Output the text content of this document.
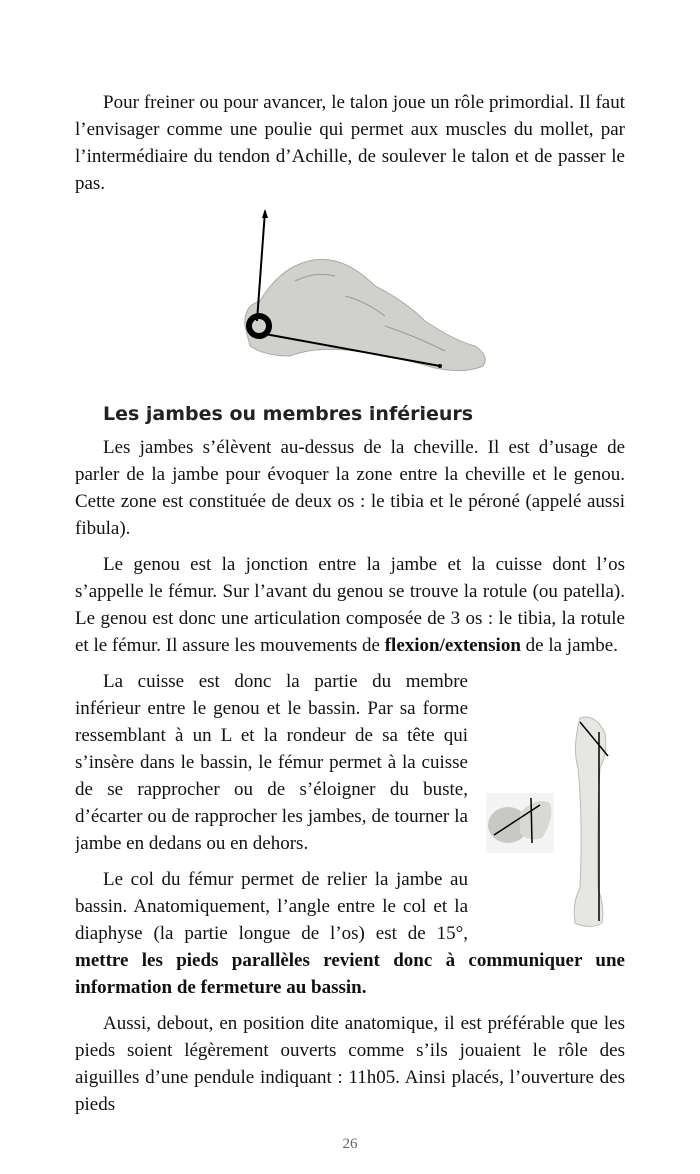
Pour freiner ou pour avancer, le talon joue un rôle primordial. Il faut l’envisager comme une poulie qui permet aux muscles du mollet, par l’intermédiaire du tendon d’Achille, de soulever le talon et de passer le pas.

Les jambes ou membres inférieurs

Les jambes s’élèvent au-dessus de la cheville. Il est d’usage de parler de la jambe pour évoquer la zone entre la cheville et le genou. Cette zone est constituée de deux os : le tibia et le péroné (appelé aussi fibula).

Le genou est la jonction entre la jambe et la cuisse dont l’os s’appelle le fémur. Sur l’avant du genou se trouve la rotule (ou patella). Le genou est donc une articulation composée de 3 os : le tibia, la rotule et le fémur. Il assure les mouvements de flexion/extension de la jambe.

La cuisse est donc la partie du membre inférieur entre le genou et le bassin. Par sa forme ressemblant à un L et la rondeur de sa tête qui s’insère dans le bassin, le fémur permet à la cuisse de se rapprocher ou de s’éloigner du buste, d’écarter ou de rapprocher les jambes, de tourner la jambe en dedans ou en dehors.

Le col du fémur permet de relier la jambe au bassin. Anatomiquement, l’angle entre le col et la diaphyse (la partie longue de l’os) est de 15°, mettre les pieds parallèles revient donc à communiquer une information de fermeture au bassin.

Aussi, debout, en position dite anatomique, il est préférable que les pieds soient légèrement ouverts comme s’ils jouaient le rôle des aiguilles d’une pendule indiquant : 11h05. Ainsi placés, l’ouverture des pieds

26
